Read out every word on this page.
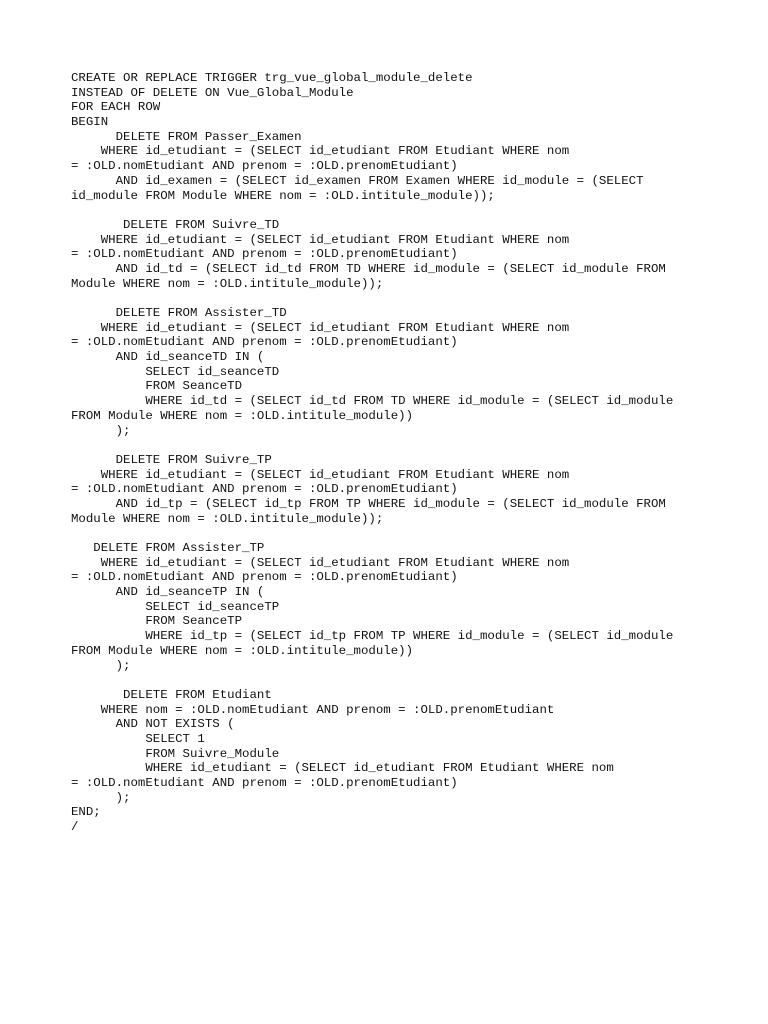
CREATE OR REPLACE TRIGGER trg_vue_global_module_delete
INSTEAD OF DELETE ON Vue_Global_Module
FOR EACH ROW
BEGIN
DELETE FROM Passer_Examen
WHERE id_etudiant = (SELECT id_etudiant FROM Etudiant WHERE nom
= :OLD.nomEtudiant AND prenom = :OLD.prenomEtudiant)
AND id_examen = (SELECT id_examen FROM Examen WHERE id_module = (SELECT
id_module FROM Module WHERE nom = :OLD.intitule_module));

DELETE FROM Suivre_TD
WHERE id_etudiant = (SELECT id_etudiant FROM Etudiant WHERE nom
= :OLD.nomEtudiant AND prenom = :OLD.prenomEtudiant)
AND id_td = (SELECT id_td FROM TD WHERE id_module = (SELECT id_module FROM
Module WHERE nom = :OLD.intitule_module));

DELETE FROM Assister_TD
WHERE id_etudiant = (SELECT id_etudiant FROM Etudiant WHERE nom
= :OLD.nomEtudiant AND prenom = :OLD.prenomEtudiant)
AND id_seanceTD IN (
SELECT id_seanceTD
FROM SeanceTD
WHERE id_td = (SELECT id_td FROM TD WHERE id_module = (SELECT id_module
FROM Module WHERE nom = :OLD.intitule_module))
);

DELETE FROM Suivre_TP
WHERE id_etudiant = (SELECT id_etudiant FROM Etudiant WHERE nom
= :OLD.nomEtudiant AND prenom = :OLD.prenomEtudiant)
AND id_tp = (SELECT id_tp FROM TP WHERE id_module = (SELECT id_module FROM
Module WHERE nom = :OLD.intitule_module));

DELETE FROM Assister_TP
WHERE id_etudiant = (SELECT id_etudiant FROM Etudiant WHERE nom
= :OLD.nomEtudiant AND prenom = :OLD.prenomEtudiant)
AND id_seanceTP IN (
SELECT id_seanceTP
FROM SeanceTP
WHERE id_tp = (SELECT id_tp FROM TP WHERE id_module = (SELECT id_module
FROM Module WHERE nom = :OLD.intitule_module))
);

DELETE FROM Etudiant
WHERE nom = :OLD.nomEtudiant AND prenom = :OLD.prenomEtudiant
AND NOT EXISTS (
SELECT 1
FROM Suivre_Module
WHERE id_etudiant = (SELECT id_etudiant FROM Etudiant WHERE nom
= :OLD.nomEtudiant AND prenom = :OLD.prenomEtudiant)
);
END;
/
